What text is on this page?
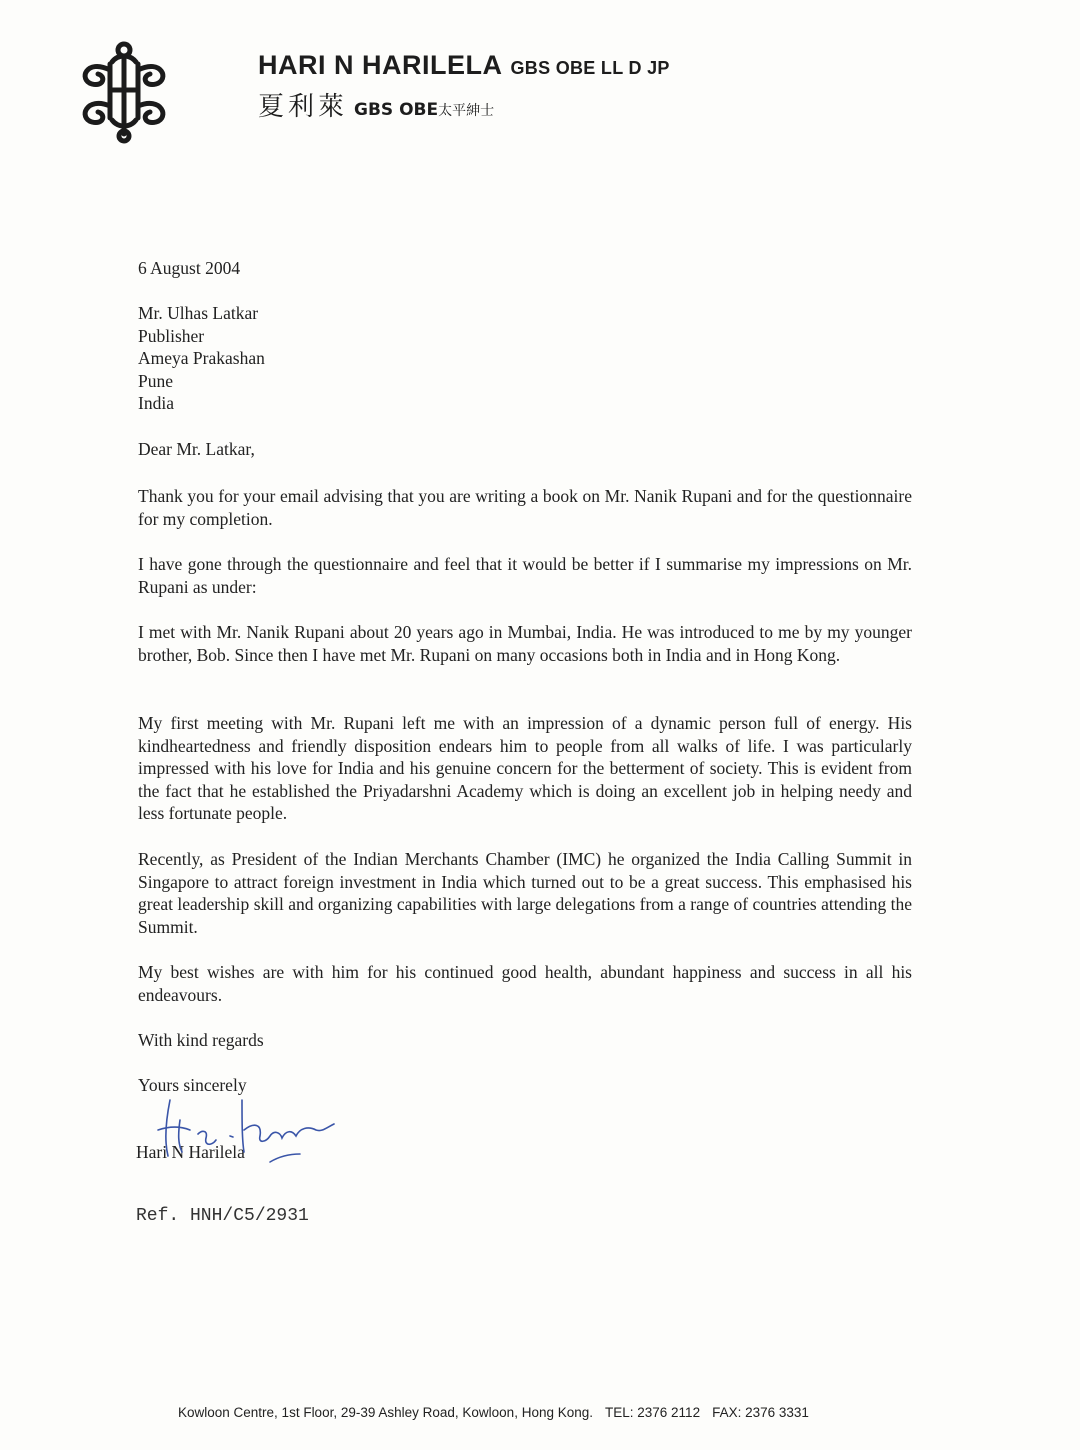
HARI N HARILELA GBS OBE LL D JP
夏利萊 GBS OBE太平紳士
6 August 2004
Mr. Ulhas Latkar
Publisher
Ameya Prakashan
Pune
India
Dear Mr. Latkar,
Thank you for your email advising that you are writing a book on Mr. Nanik Rupani and for the questionnaire for my completion.
I have gone through the questionnaire and feel that it would be better if I summarise my impressions on Mr. Rupani as under:
I met with Mr. Nanik Rupani about 20 years ago in Mumbai, India. He was introduced to me by my younger brother, Bob. Since then I have met Mr. Rupani on many occasions both in India and in Hong Kong.
My first meeting with Mr. Rupani left me with an impression of a dynamic person full of energy. His kindheartedness and friendly disposition endears him to people from all walks of life. I was particularly impressed with his love for India and his genuine concern for the betterment of society. This is evident from the fact that he established the Priyadarshni Academy which is doing an excellent job in helping needy and less fortunate people.
Recently, as President of the Indian Merchants Chamber (IMC) he organized the India Calling Summit in Singapore to attract foreign investment in India which turned out to be a great success. This emphasised his great leadership skill and organizing capabilities with large delegations from a range of countries attending the Summit.
My best wishes are with him for his continued good health, abundant happiness and success in all his endeavours.
With kind regards
Yours sincerely
Hari N Harilela
Ref. HNH/C5/2931
Kowloon Centre, 1st Floor, 29-39 Ashley Road, Kowloon, Hong Kong. TEL: 2376 2112 FAX: 2376 3331
